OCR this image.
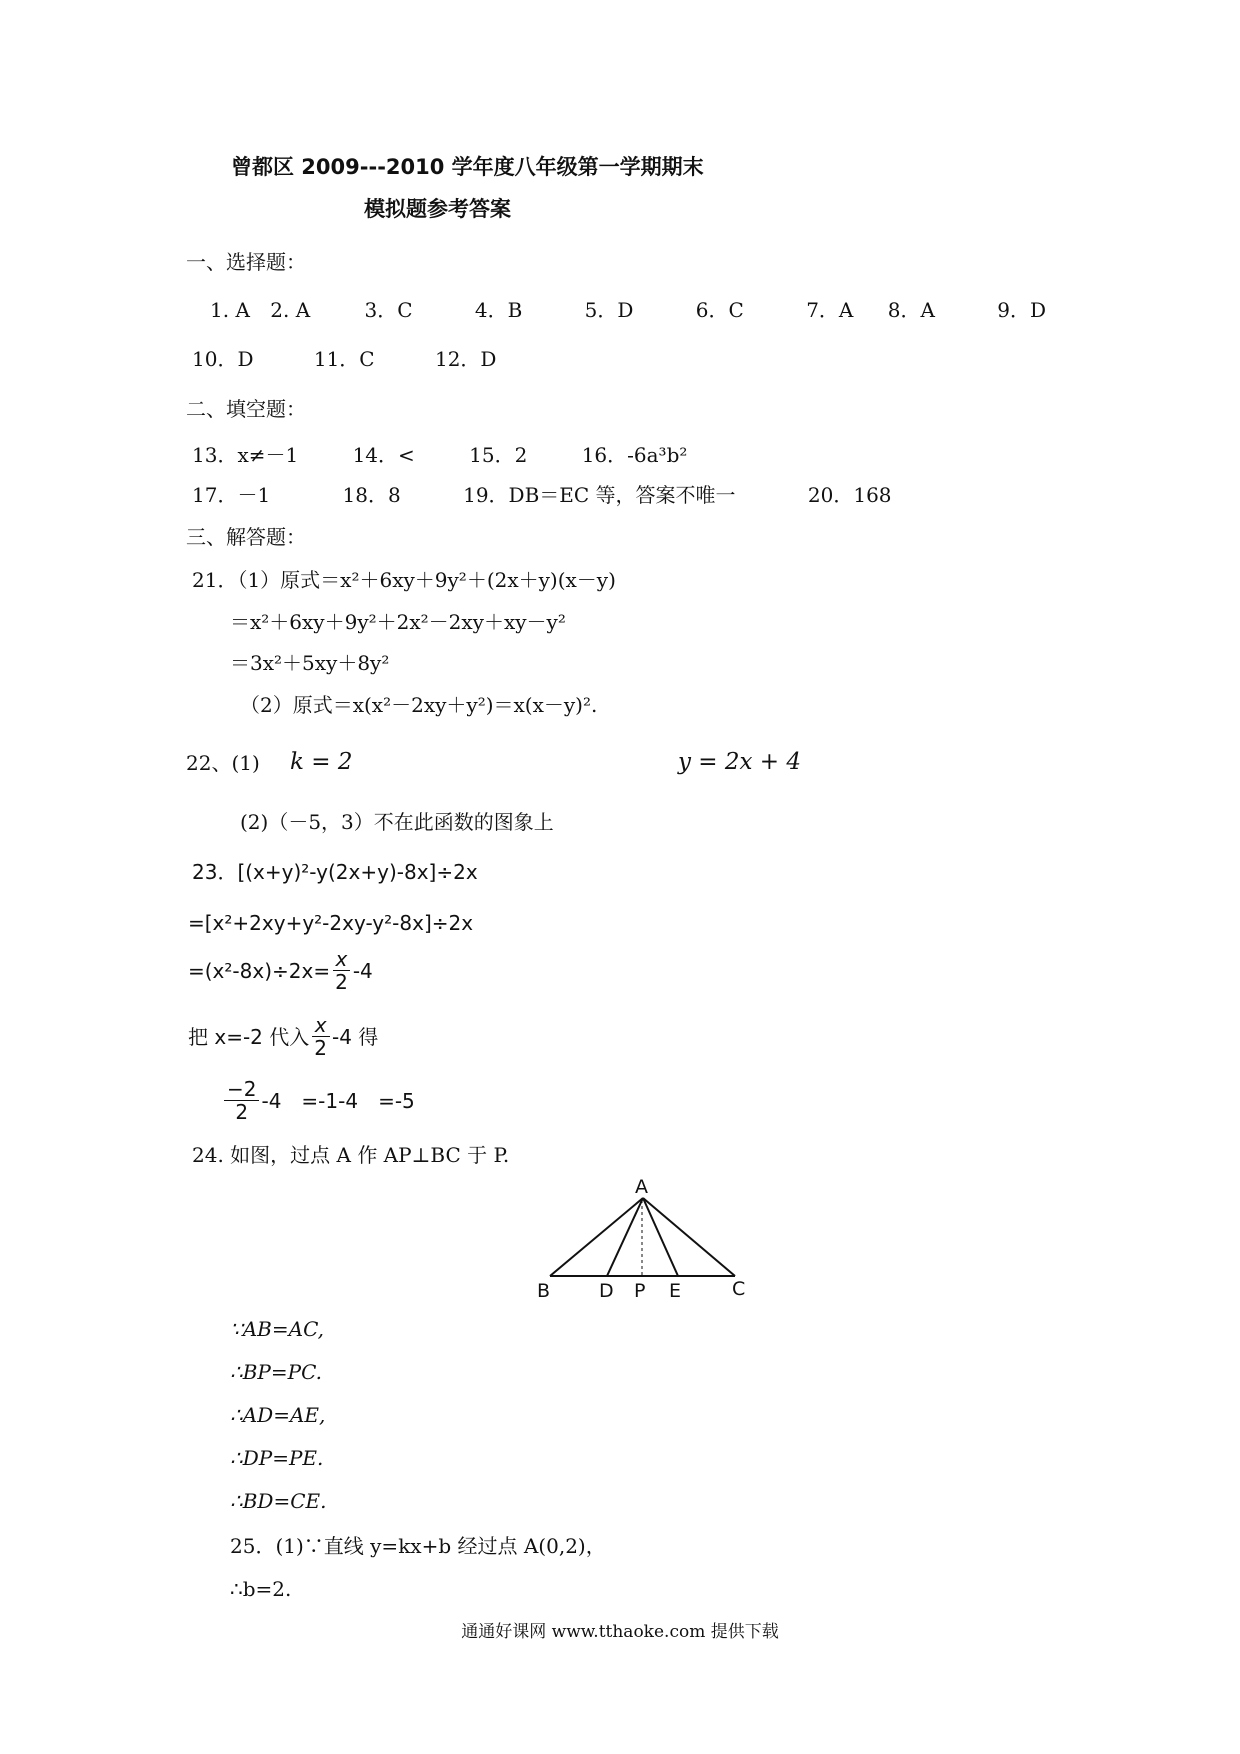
曾都区 2009---2010 学年度八年级第一学期期末
模拟题参考答案
一、选择题：
1. A 2. A	3．C	4．B	5．D	6．C	7．A 8．A	9．D
10．D	11．C	12．D
二、填空题：
13．x≠－1	14．<	15．2	16．-6a³b²
17．－1	18．8	19．DB＝EC 等，答案不唯一	20．168
三、解答题：
21．（1）原式＝x²＋6xy＋9y²＋(2x＋y)(x－y)
＝x²＋6xy＋9y²＋2x²－2xy＋xy－y²
＝3x²＋5xy＋8y²
（2）原式＝x(x²－2xy＋y²)＝x(x－y)².
22、(1) k = 2	y = 2x + 4
(2)（－5，3）不在此函数的图象上
23．[(x+y)²-y(2x+y)-8x]÷2x
=[x²+2xy+y²-2xy-y²-8x]÷2x
$=(x^2-8x)\div 2x= \frac{x}{2} -4$
把 x=-2 代入 $\frac{x}{2} -4$ 得
$\frac{-2}{2} -4$　=-1-4　=-5
24. 如图，过点 A 作 AP⊥BC 于 P.
A
B	D P E	C
∵AB=AC,
∴BP=PC.
∴AD=AE,
∴DP=PE.
∴BD=CE.
25．(1)∵直线 y=kx+b 经过点 A(0,2)，
∴b=2.
通通好课网 www.tthaoke.com 提供下载
